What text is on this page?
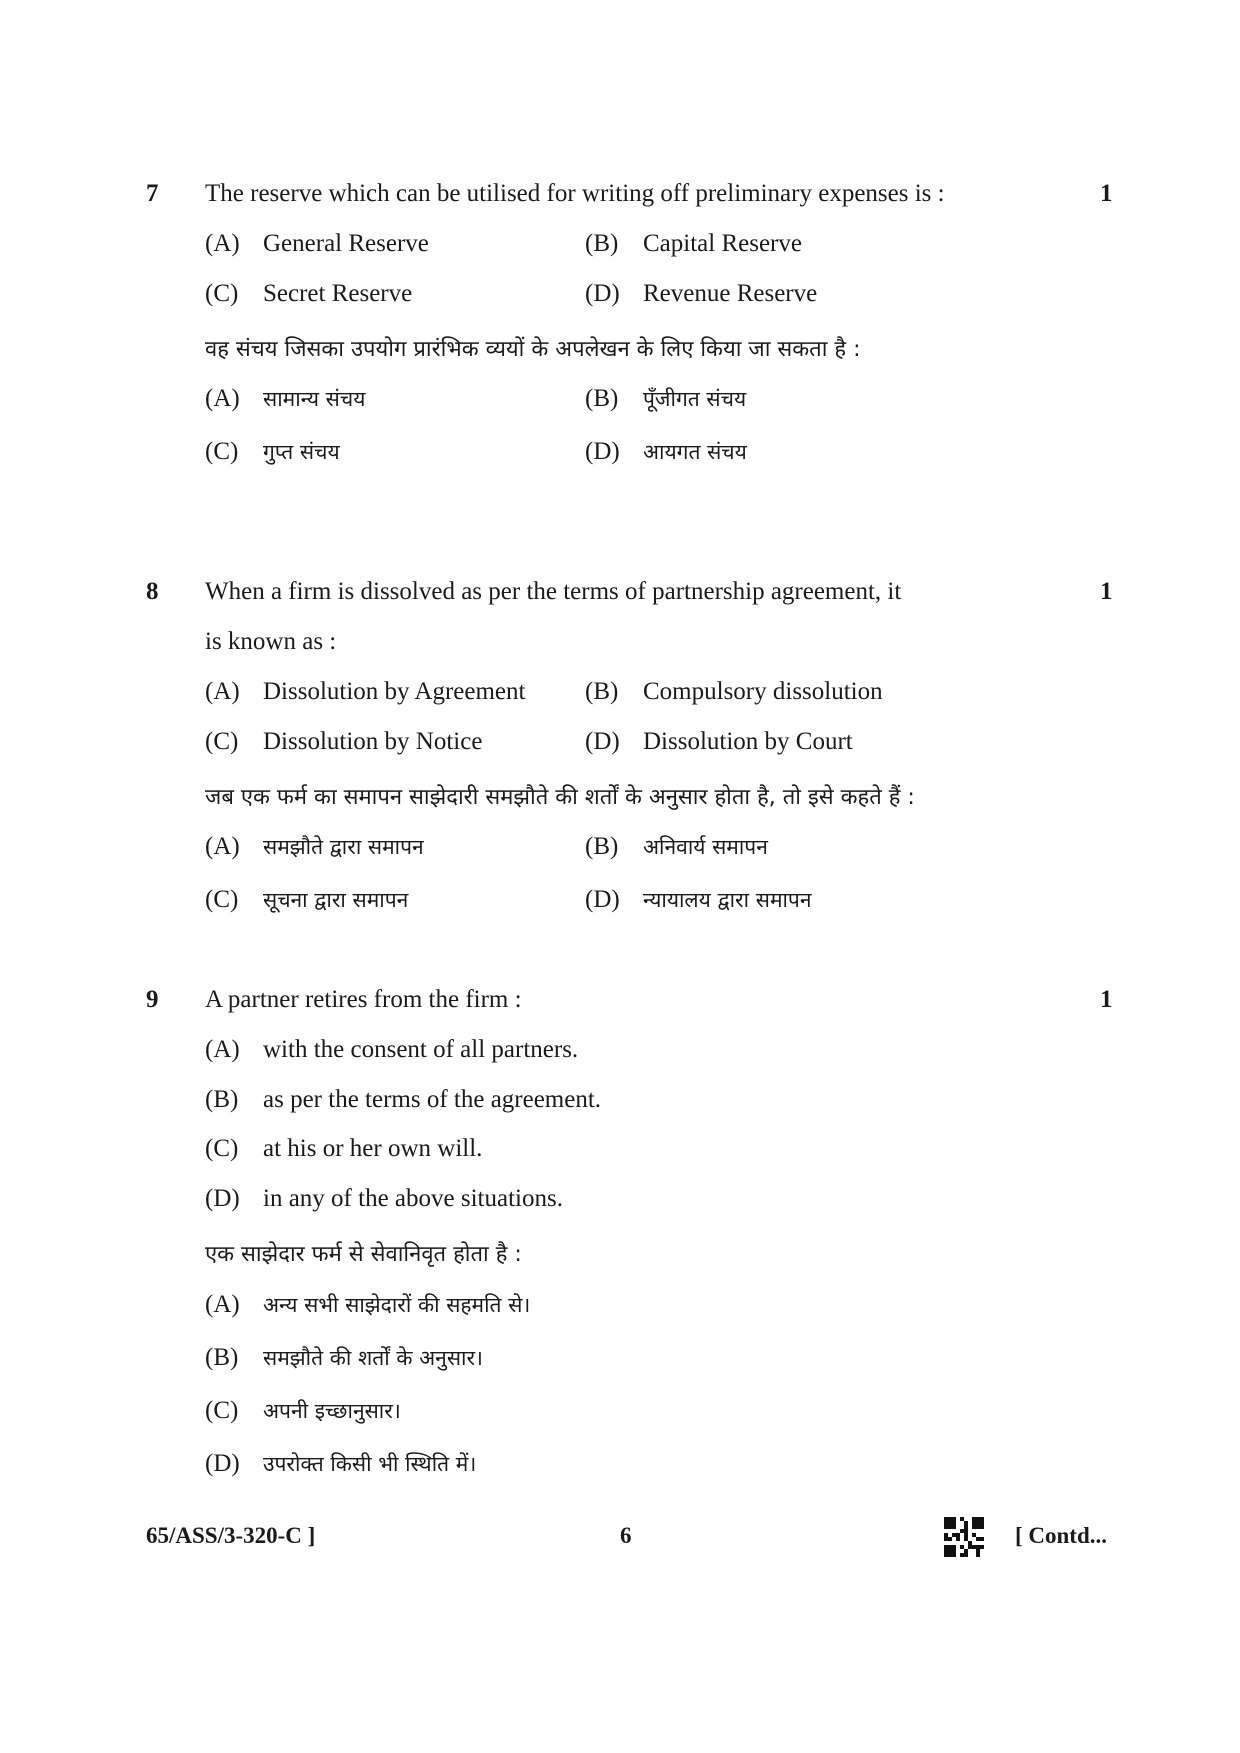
7 The reserve which can be utilised for writing off preliminary expenses is :	1
(A) General Reserve	(B) Capital Reserve
(C) Secret Reserve	(D) Revenue Reserve
वह संचय जिसका उपयोग प्रारंभिक व्ययों के अपलेखन के लिए किया जा सकता है :
(A) सामान्य संचय	(B) पूँजीगत संचय
(C) गुप्त संचय	(D) आयगत संचय
8 When a firm is dissolved as per the terms of partnership agreement, it	1
is known as :
(A) Dissolution by Agreement (B) Compulsory dissolution
(C) Dissolution by Notice	(D) Dissolution by Court
जब एक फर्म का समापन साझेदारी समझौते की शर्तों के अनुसार होता है, तो इसे कहते हैं :
(A) समझौते द्वारा समापन	(B) अनिवार्य समापन
(C) सूचना द्वारा समापन	(D) न्यायालय द्वारा समापन
9 A partner retires from the firm :	1
(A) with the consent of all partners.
(B) as per the terms of the agreement.
(C) at his or her own will.
(D) in any of the above situations.
एक साझेदार फर्म से सेवानिवृत होता है :
(A) अन्य सभी साझेदारों की सहमति से।
(B) समझौते की शर्तों के अनुसार।
(C) अपनी इच्छानुसार।
(D) उपरोक्त किसी भी स्थिति में।
65/ASS/3-320-C ]	6	[ Contd...
